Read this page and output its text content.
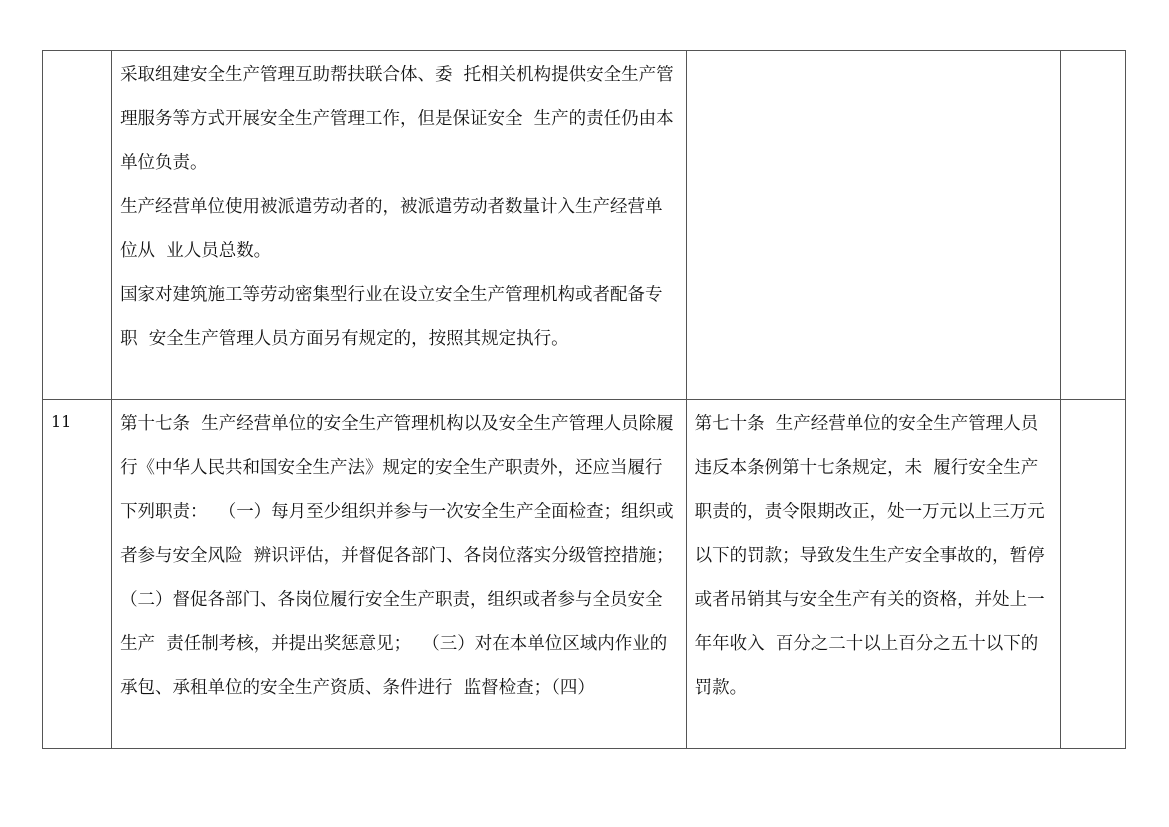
	采取组建安全生产管理互助帮扶联合体、委  托相关机构提供安全生产管理服务等方式开展安全生产管理工作，但是保证安全  生产的责任仍由本单位负责。
生产经营单位使用被派遣劳动者的，被派遣劳动者数量计入生产经营单位从  业人员总数。
国家对建筑施工等劳动密集型行业在设立安全生产管理机构或者配备专职  安全生产管理人员方面另有规定的，按照其规定执行。		

11	第十七条  生产经营单位的安全生产管理机构以及安全生产管理人员除履  行《中华人民共和国安全生产法》规定的安全生产职责外，还应当履行下列职责：  （一）每月至少组织并参与一次安全生产全面检查；组织或者参与安全风险  辨识评估，并督促各部门、各岗位落实分级管控措施；  （二）督促各部门、各岗位履行安全生产职责，组织或者参与全员安全生产  责任制考核，并提出奖惩意见；  （三）对在本单位区域内作业的承包、承租单位的安全生产资质、条件进行  监督检查；（四）	第七十条  生产经营单位的安全生产管理人员违反本条例第十七条规定，未  履行安全生产职责的，责令限期改正，处一万元以上三万元以下的罚款；导致发生生产安全事故的，暂停或者吊销其与安全生产有关的资格，并处上一年年收入  百分之二十以上百分之五十以下的罚款。	
